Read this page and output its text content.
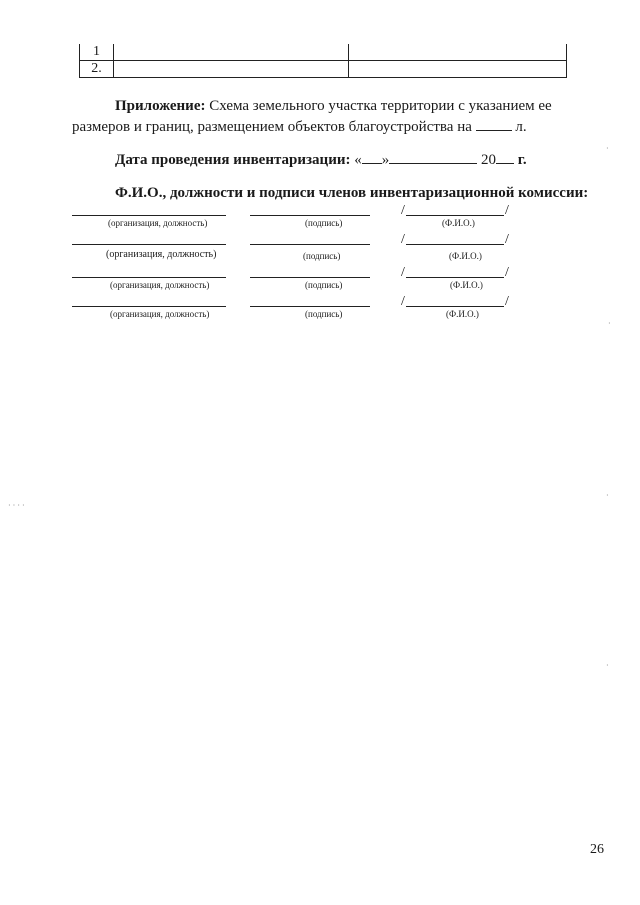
1		
2.		
Приложение: Схема земельного участка территории с указанием ее
размеров и границ, размещением объектов благоустройства на  л.
Дата проведения инвентаризации: « »	20 г.
Ф.И.О., должности и подписи членов инвентаризационной комиссии:
/	/
(организация, должность)	(подпись)	(Ф.И.О.)
/	/
(организация, должность)	(подпись)	(Ф.И.О.)
/	/
(организация, должность)	(подпись)	(Ф.И.О.)
/	/
(организация, должность)	(подпись)	(Ф.И.О.)
26
· · · ·
·
·
·
·
